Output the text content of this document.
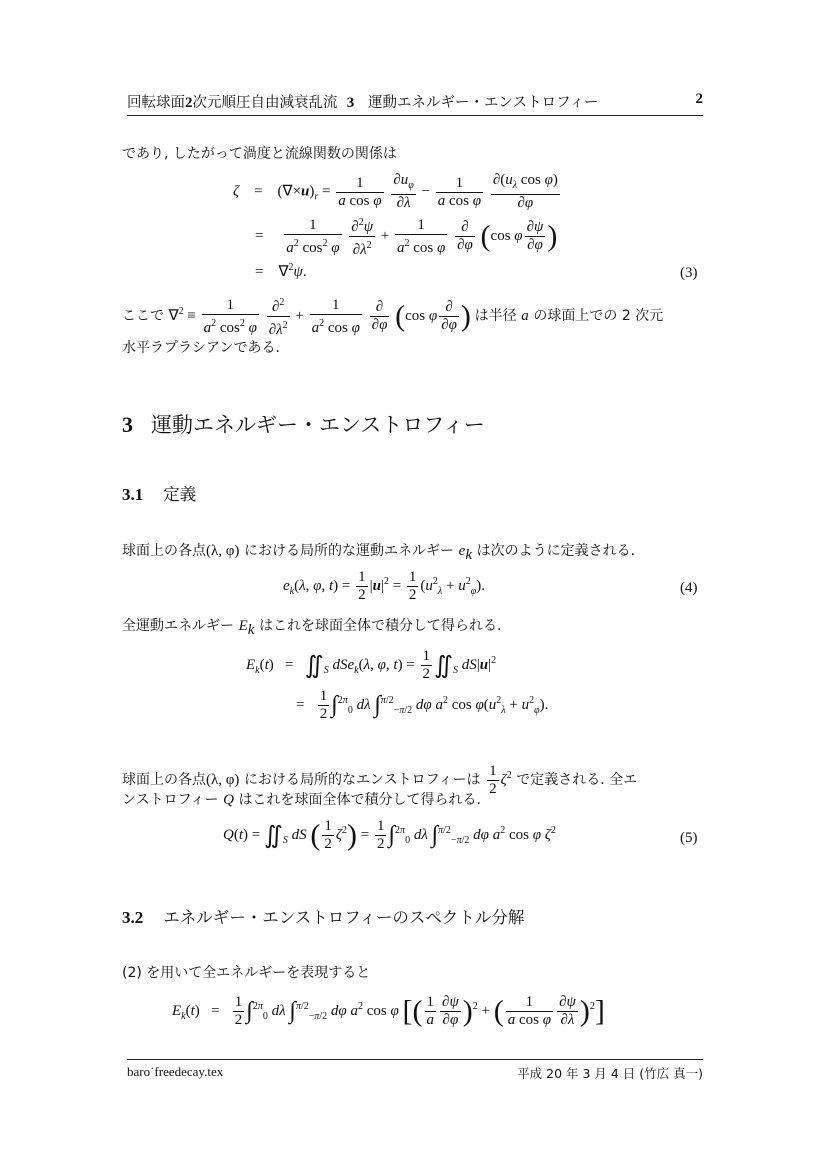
回転球面2次元順圧自由減衰乱流 3 運動エネルギー・エンストロフィー	2
であり, したがって渦度と流線関数の関係は
ζ    =    $(\nabla\times u)_r = \frac{1}{\text{a cos φ}}$
$\frac{\partial u_\varphi}{\partial\lambda} - \frac{1}{\text{a cos φ}}$
$\frac{\partial(u_\lambda \cos \varphi)}{\partial\varphi}$
= $\frac{1}{a^2 \cos^2 \varphi}$
$\frac{\partial^2\psi}{\partial\lambda^2} + \frac{1}{a^2 \cos \varphi}$
$\frac{\partial}{\partial\varphi} (\cos$ φ $\frac{\partial\psi}{\partial\varphi}$ )
=    ∇$^2$ψ.	(3)
ここで $\nabla^2 \equiv \frac{1}{a^2 \cos^2 \varphi}$
$\frac{\partial^2}{\partial\lambda^2} + \frac{1}{a^2 \cos \varphi}$
$\frac{\partial}{\partial\varphi} (\cos$ φ $\frac{\partial}{\partial\varphi}$ ) は半径 a の球面上での 2 次元
水平ラプラシアンである.
3 運動エネルギー・エンストロフィー
3.1 定義
球面上の各点(λ, φ) における局所的な運動エネルギー $e_k$ は次のように定義される.
$e_k(\lambda$, φ, $t) = \frac{1}{2} |u|^2 = \frac{1}{2} (u^2_\lambda + u^2_\varphi)$.	(4)
全運動エネルギー $E_k$ はこれを球面全体で積分して得られる.
$E_k(t)$   =   $∬_S$ dSe$_k$(λ, φ, $t) = \frac{1}{2}$ $∬_S$ $dS|u|^2$
= $\frac{1}{2} \int^{2\pi}_0$ dλ ∫$^{\pi/2}_{-\pi/2}$ dφ $a^2$ $\cos \varphi(u^2_\lambda + u^2_\varphi)$.
球面上の各点(λ, φ) における局所的なエンストロフィーは $\frac{1}{2} \zeta^2$ で定義される. 全エ
ンストロフィー Q はこれを球面全体で積分して得られる.
$Q(t) = ∬_S$ dS ( $\frac{1}{2} \zeta^2) = \frac{1}{2} \int^{2\pi}_0$ dλ ∫$^{\pi/2}_{-\pi/2}$ dφ $a^2$ cos φ $\zeta^2$	(5)
3.2 エネルギー・エンストロフィーのスペクトル分解
(2) を用いて全エネルギーを表現すると
$E_k(t) = \frac{1}{2} \int^{2\pi}_0$ dλ ∫$^{\pi/2}_{-\pi/2}$ dφ $a^2$ cos φ [( $\frac{1}{a} \frac{\partial\psi}{\partial\varphi} )^2$ + ( $\frac{1}{\text{a cos φ}} \frac{\partial\psi}{\partial\lambda} )^2$]
baro˙freedecay.tex	平成 20 年 3 月 4 日 (竹広 真一)
